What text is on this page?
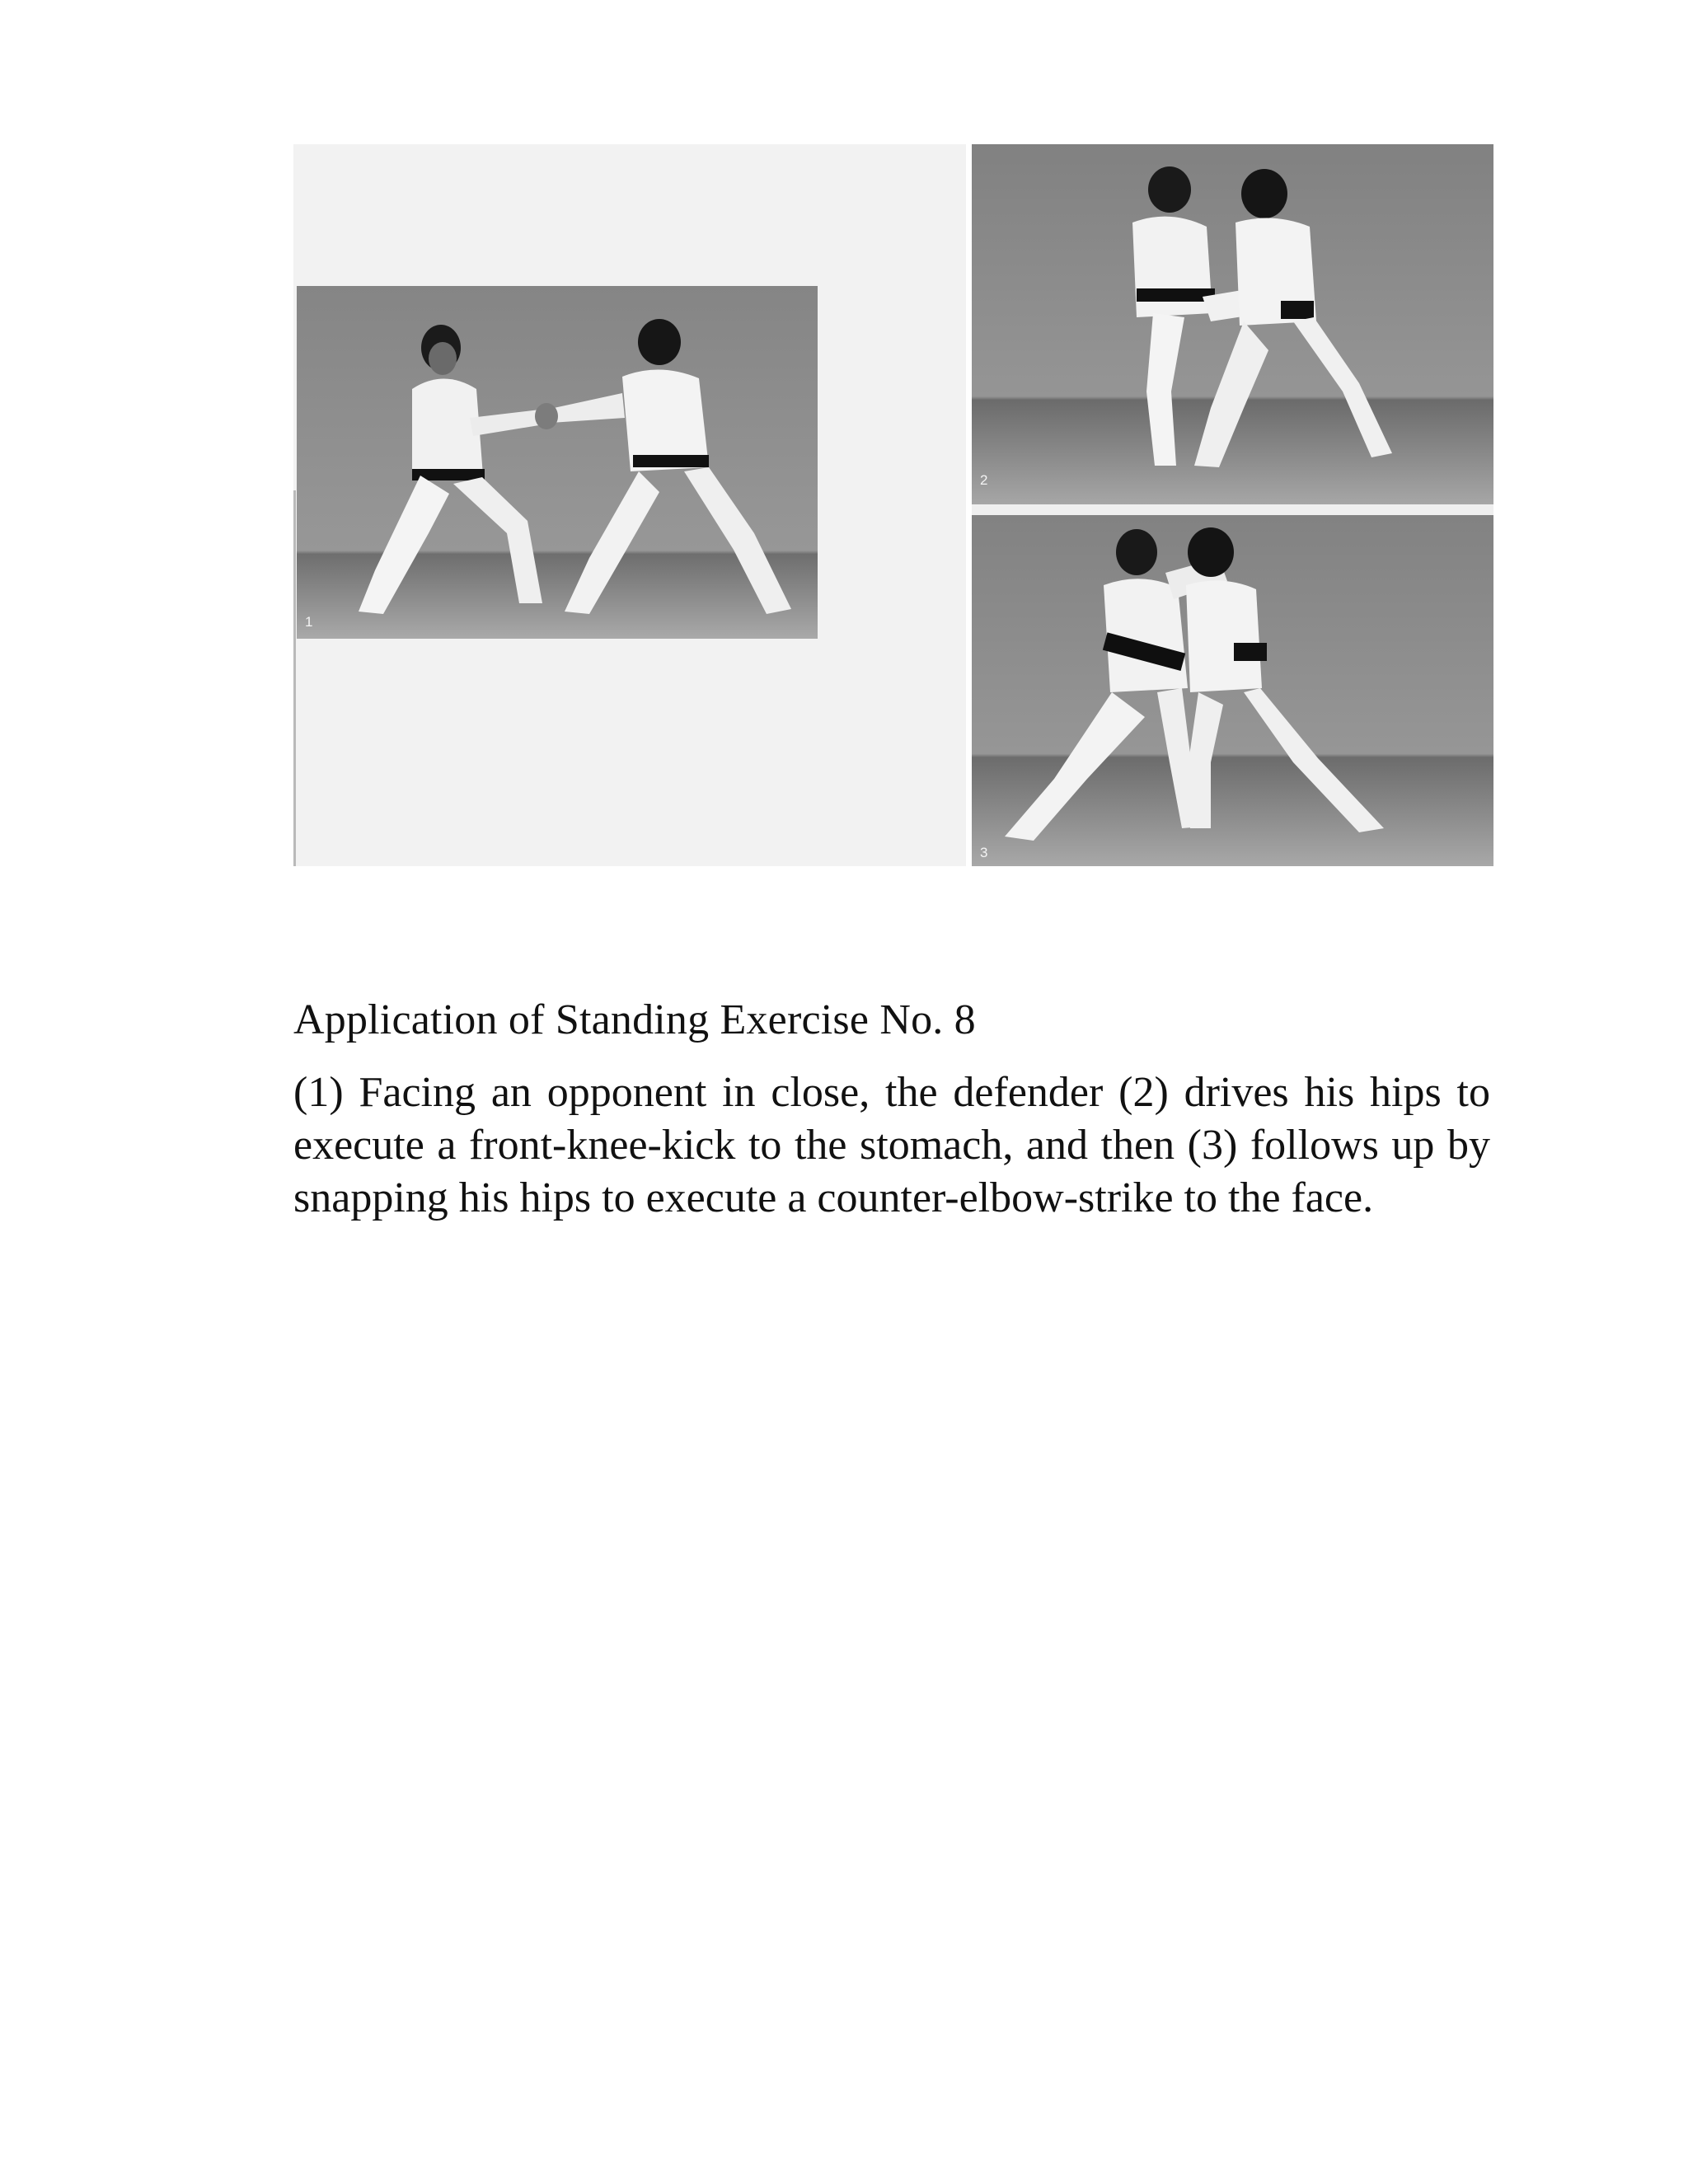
1
2
3
Application of Standing Exercise No. 8

(1) Facing an opponent in close, the defender (2) drives his hips to execute a front-knee-kick to the stomach, and then (3) follows up by snapping his hips to execute a counter-elbow-strike to the face.
